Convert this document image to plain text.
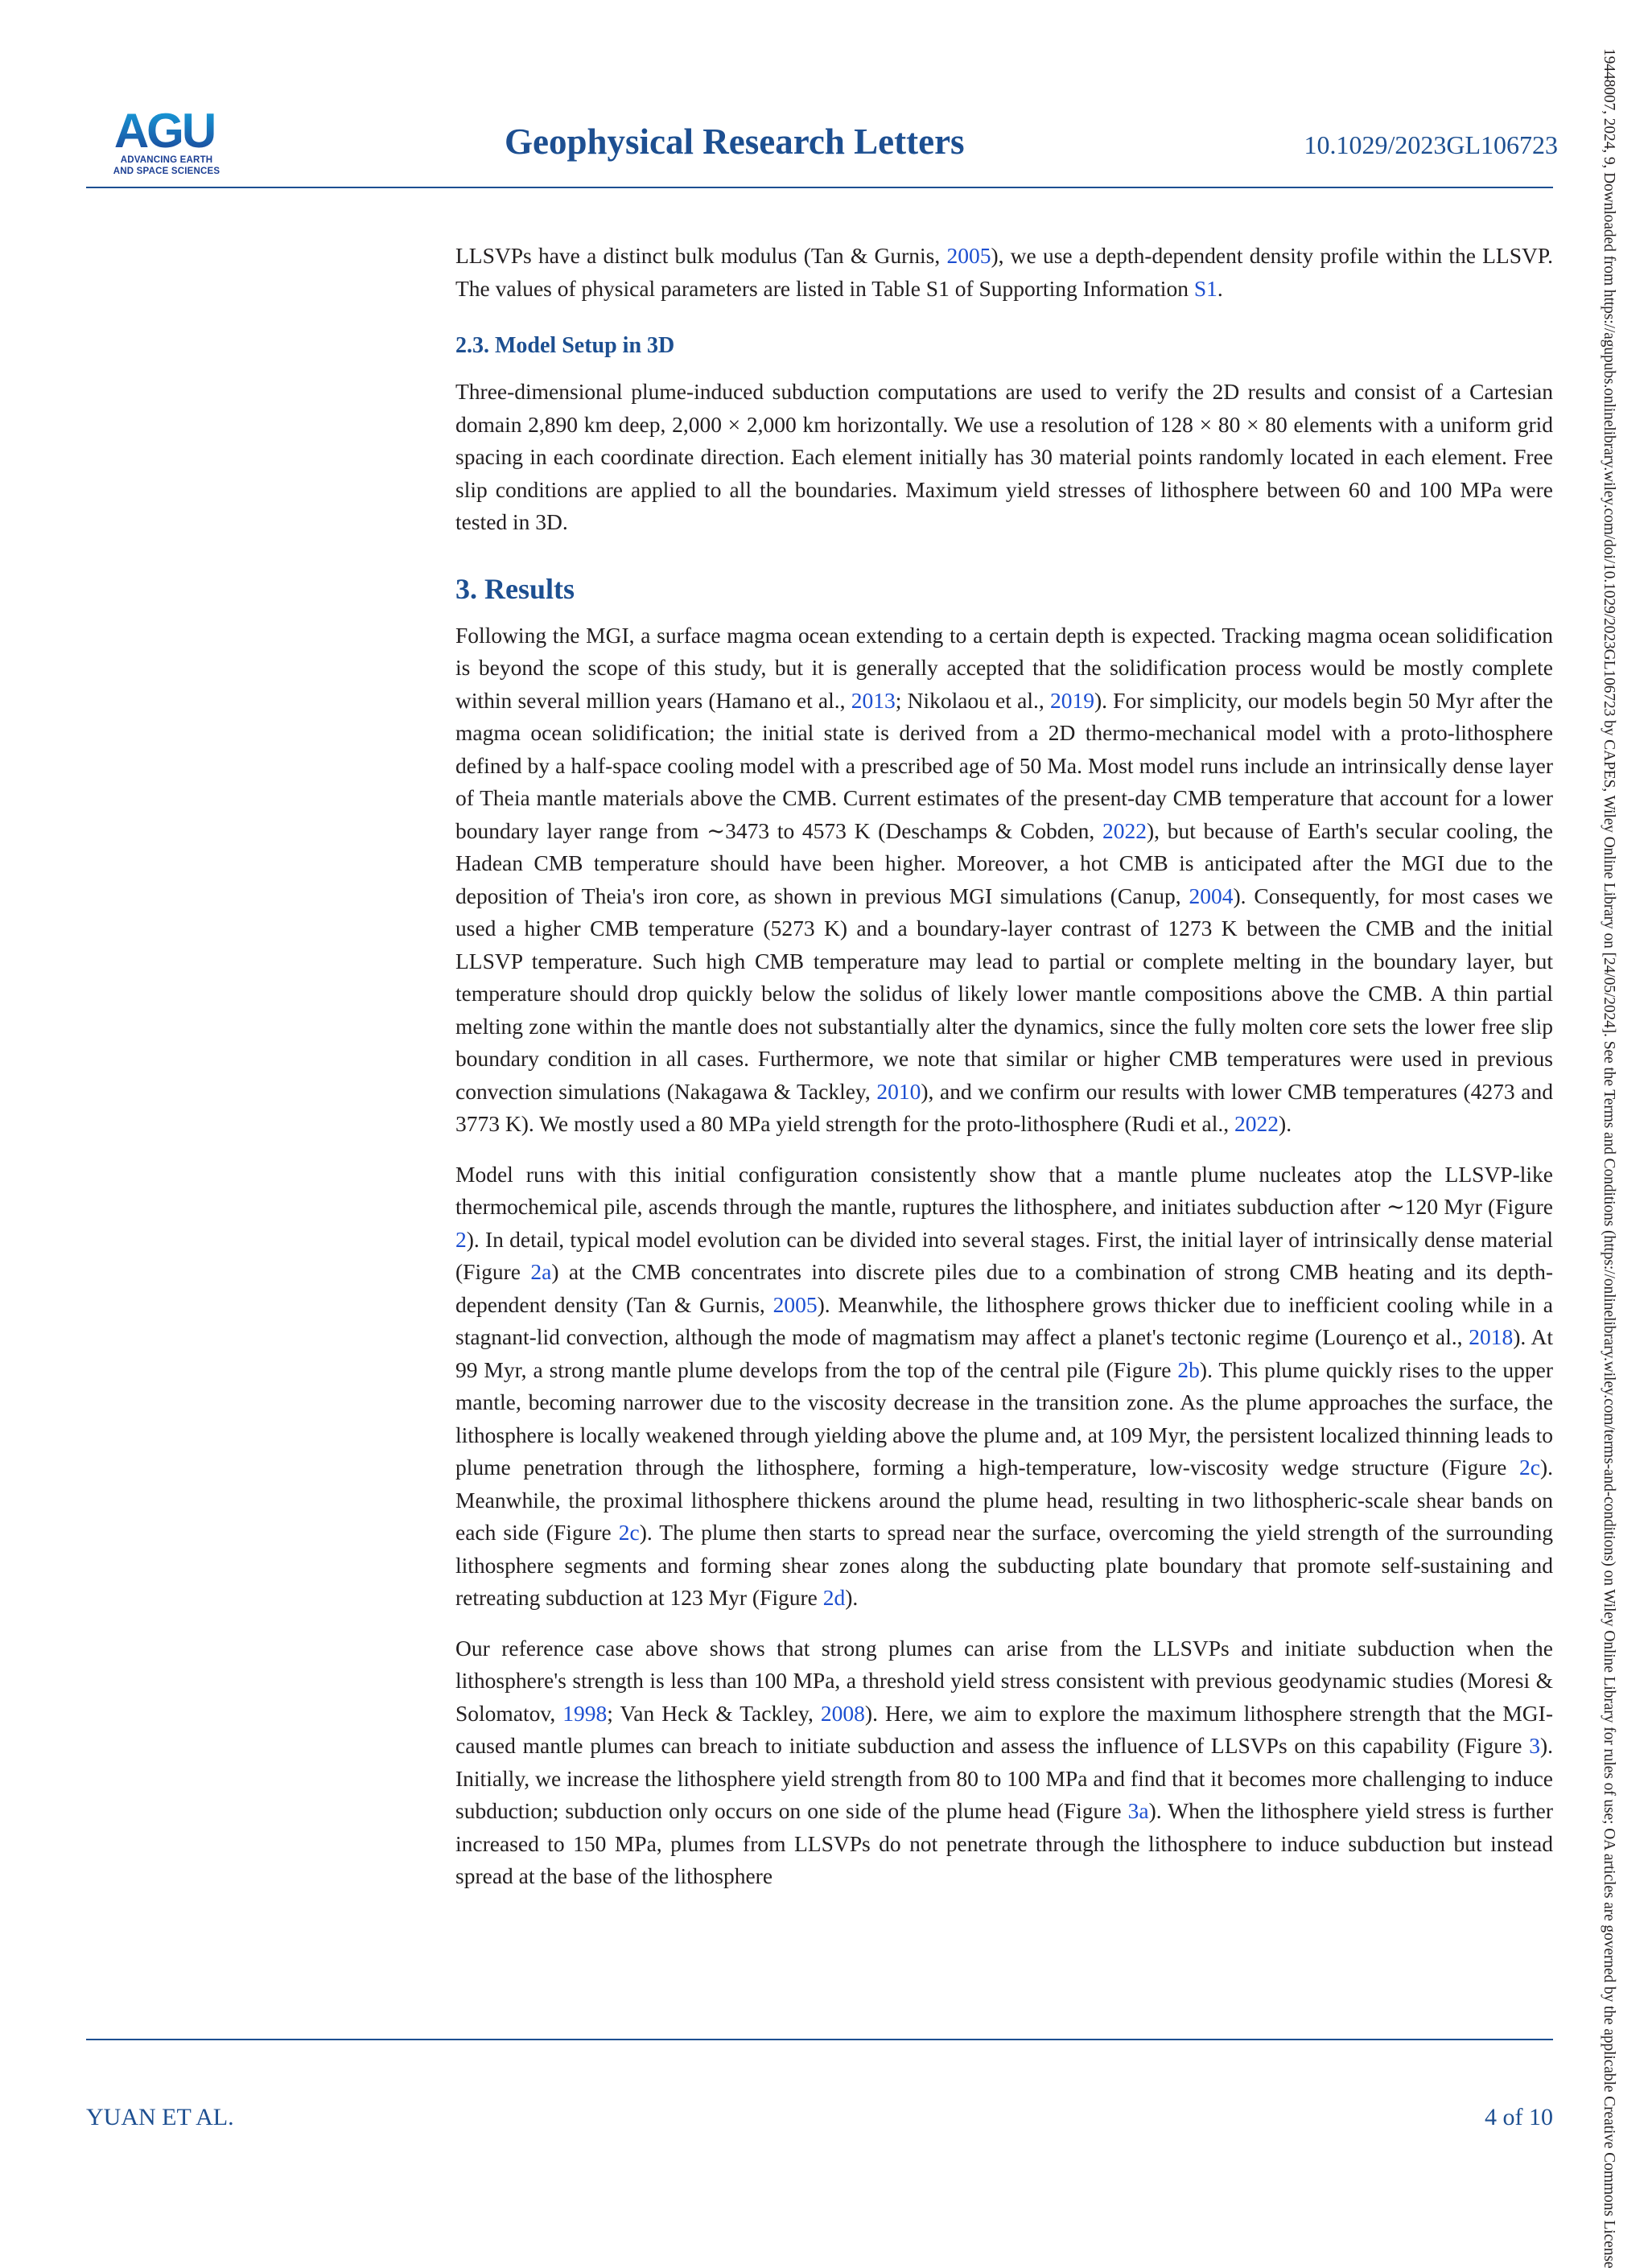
AGU
ADVANCING EARTH
AND SPACE SCIENCES
Geophysical Research Letters	10.1029/2023GL106723

LLSVPs have a distinct bulk modulus (Tan & Gurnis, 2005), we use a depth-dependent density profile within the LLSVP. The values of physical parameters are listed in Table S1 of Supporting Information S1.

2.3. Model Setup in 3D

Three-dimensional plume-induced subduction computations are used to verify the 2D results and consist of a Cartesian domain 2,890 km deep, 2,000 × 2,000 km horizontally. We use a resolution of 128 × 80 × 80 elements with a uniform grid spacing in each coordinate direction. Each element initially has 30 material points randomly located in each element. Free slip conditions are applied to all the boundaries. Maximum yield stresses of lithosphere between 60 and 100 MPa were tested in 3D.

3. Results

Following the MGI, a surface magma ocean extending to a certain depth is expected. Tracking magma ocean solidification is beyond the scope of this study, but it is generally accepted that the solidification process would be mostly complete within several million years (Hamano et al., 2013; Nikolaou et al., 2019). For simplicity, our models begin 50 Myr after the magma ocean solidification; the initial state is derived from a 2D thermo-mechanical model with a proto-lithosphere defined by a half-space cooling model with a prescribed age of 50 Ma. Most model runs include an intrinsically dense layer of Theia mantle materials above the CMB. Current estimates of the present-day CMB temperature that account for a lower boundary layer range from ∼3473 to 4573 K (Deschamps & Cobden, 2022), but because of Earth's secular cooling, the Hadean CMB temperature should have been higher. Moreover, a hot CMB is anticipated after the MGI due to the deposition of Theia's iron core, as shown in previous MGI simulations (Canup, 2004). Consequently, for most cases we used a higher CMB temperature (5273 K) and a boundary-layer contrast of 1273 K between the CMB and the initial LLSVP temperature. Such high CMB temperature may lead to partial or complete melting in the boundary layer, but temperature should drop quickly below the solidus of likely lower mantle compositions above the CMB. A thin partial melting zone within the mantle does not substantially alter the dynamics, since the fully molten core sets the lower free slip boundary condition in all cases. Furthermore, we note that similar or higher CMB temperatures were used in previous convection simulations (Nakagawa & Tackley, 2010), and we confirm our results with lower CMB temperatures (4273 and 3773 K). We mostly used a 80 MPa yield strength for the proto-lithosphere (Rudi et al., 2022).

Model runs with this initial configuration consistently show that a mantle plume nucleates atop the LLSVP-like thermochemical pile, ascends through the mantle, ruptures the lithosphere, and initiates subduction after ∼120 Myr (Figure 2). In detail, typical model evolution can be divided into several stages. First, the initial layer of intrinsically dense material (Figure 2a) at the CMB concentrates into discrete piles due to a combination of strong CMB heating and its depth-dependent density (Tan & Gurnis, 2005). Meanwhile, the lithosphere grows thicker due to inefficient cooling while in a stagnant-lid convection, although the mode of magmatism may affect a planet's tectonic regime (Lourenço et al., 2018). At 99 Myr, a strong mantle plume develops from the top of the central pile (Figure 2b). This plume quickly rises to the upper mantle, becoming narrower due to the viscosity decrease in the transition zone. As the plume approaches the surface, the lithosphere is locally weakened through yielding above the plume and, at 109 Myr, the persistent localized thinning leads to plume penetration through the lithosphere, forming a high-temperature, low-viscosity wedge structure (Figure 2c). Meanwhile, the proximal lithosphere thickens around the plume head, resulting in two lithospheric-scale shear bands on each side (Figure 2c). The plume then starts to spread near the surface, overcoming the yield strength of the surrounding lithosphere segments and forming shear zones along the subducting plate boundary that promote self-sustaining and retreating subduction at 123 Myr (Figure 2d).

Our reference case above shows that strong plumes can arise from the LLSVPs and initiate subduction when the lithosphere's strength is less than 100 MPa, a threshold yield stress consistent with previous geodynamic studies (Moresi & Solomatov, 1998; Van Heck & Tackley, 2008). Here, we aim to explore the maximum lithosphere strength that the MGI-caused mantle plumes can breach to initiate subduction and assess the influence of LLSVPs on this capability (Figure 3). Initially, we increase the lithosphere yield strength from 80 to 100 MPa and find that it becomes more challenging to induce subduction; subduction only occurs on one side of the plume head (Figure 3a). When the lithosphere yield stress is further increased to 150 MPa, plumes from LLSVPs do not penetrate through the lithosphere to induce subduction but instead spread at the base of the lithosphere

YUAN ET AL.	4 of 10	19448007, 2024, 9, Downloaded from https://agupubs.onlinelibrary.wiley.com/doi/10.1029/2023GL106723 by CAPES, Wiley Online Library on [24/05/2024]. See the Terms and Conditions (https://onlinelibrary.wiley.com/terms-and-conditions) on Wiley Online Library for rules of use; OA articles are governed by the applicable Creative Commons License
